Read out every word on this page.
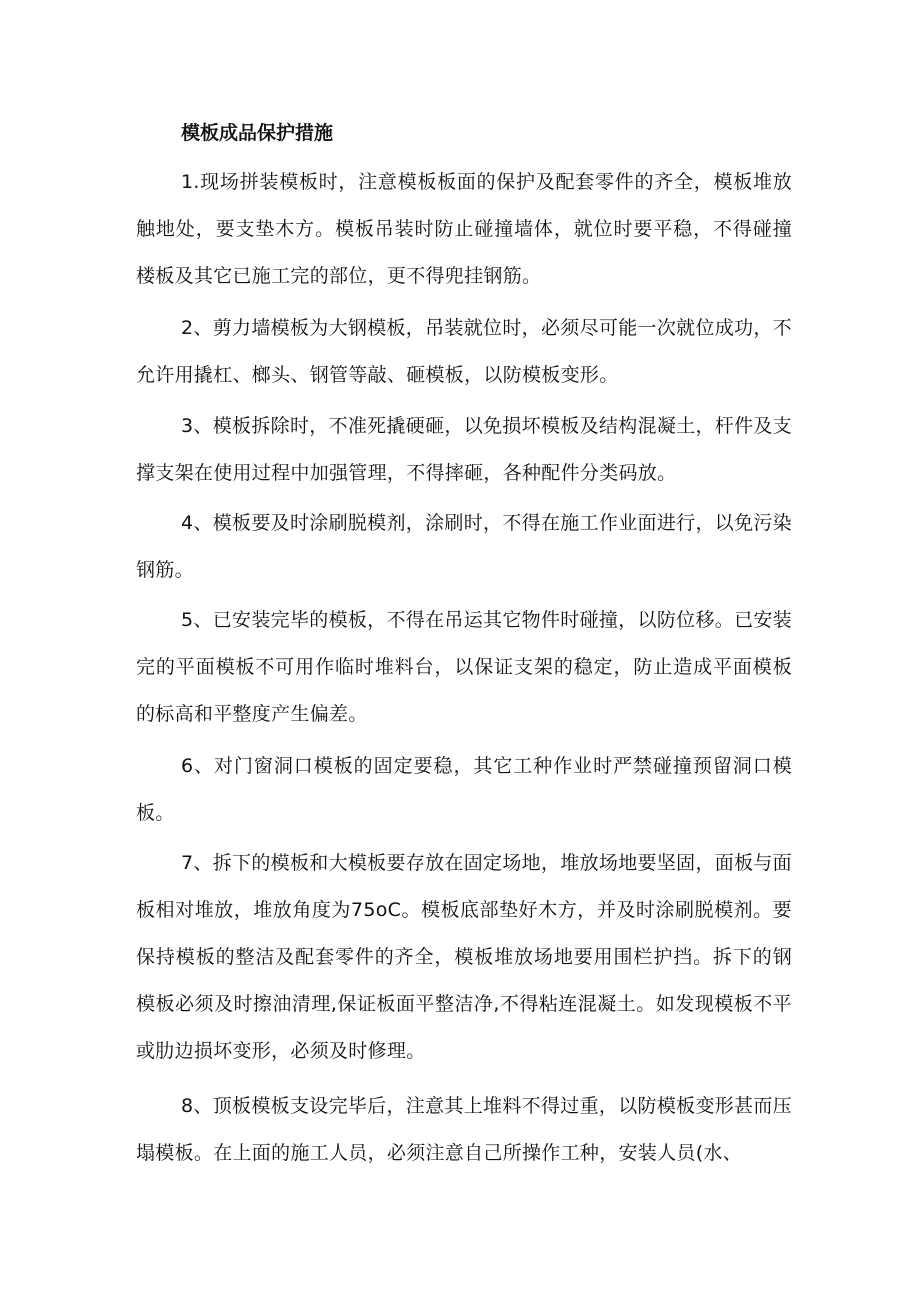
模板成品保护措施

1.现场拼装模板时，注意模板板面的保护及配套零件的齐全，模板堆放触地处，要支垫木方。模板吊装时防止碰撞墙体，就位时要平稳，不得碰撞楼板及其它已施工完的部位，更不得兜挂钢筋。

2、剪力墙模板为大钢模板，吊装就位时，必须尽可能一次就位成功，不允许用撬杠、榔头、钢管等敲、砸模板，以防模板变形。

3、模板拆除时，不准死撬硬砸，以免损坏模板及结构混凝土，杆件及支撑支架在使用过程中加强管理，不得摔砸，各种配件分类码放。

4、模板要及时涂刷脱模剂，涂刷时，不得在施工作业面进行，以免污染钢筋。

5、已安装完毕的模板，不得在吊运其它物件时碰撞，以防位移。已安装完的平面模板不可用作临时堆料台，以保证支架的稳定，防止造成平面模板的标高和平整度产生偏差。

6、对门窗洞口模板的固定要稳，其它工种作业时严禁碰撞预留洞口模板。

7、拆下的模板和大模板要存放在固定场地，堆放场地要坚固，面板与面板相对堆放，堆放角度为75oC。模板底部垫好木方，并及时涂刷脱模剂。要保持模板的整洁及配套零件的齐全，模板堆放场地要用围栏护挡。拆下的钢模板必须及时擦油清理,保证板面平整洁净,不得粘连混凝土。如发现模板不平或肋边损坏变形，必须及时修理。

8、顶板模板支设完毕后，注意其上堆料不得过重，以防模板变形甚而压塌模板。在上面的施工人员，必须注意自己所操作工种，安装人员(水、
